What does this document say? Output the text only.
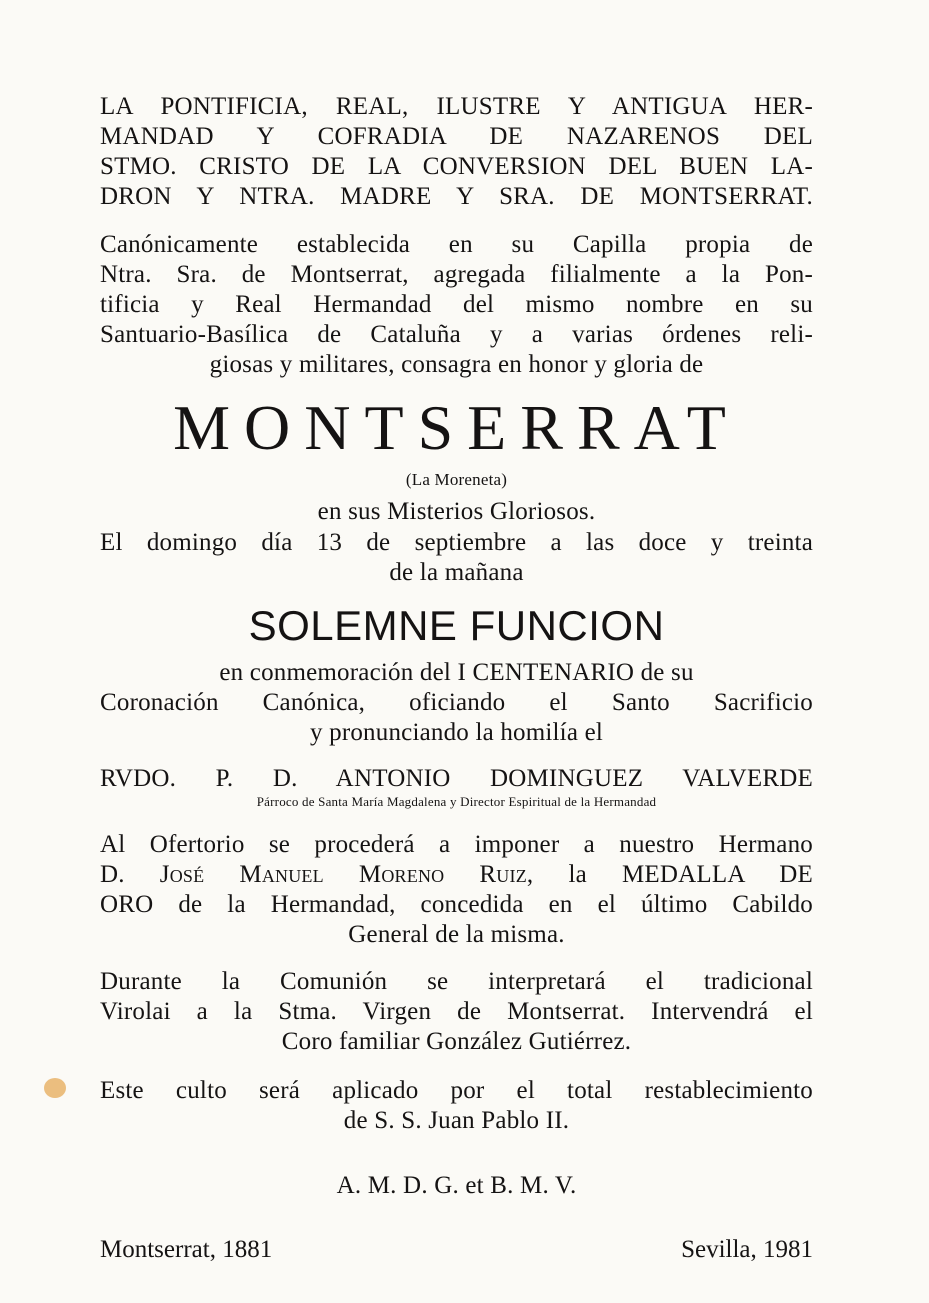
LA PONTIFICIA, REAL, ILUSTRE Y ANTIGUA HER-
MANDAD Y COFRADIA DE NAZARENOS DEL
STMO. CRISTO DE LA CONVERSION DEL BUEN LA-
DRON Y NTRA. MADRE Y SRA. DE MONTSERRAT.
Canónicamente establecida en su Capilla propia de
Ntra. Sra. de Montserrat, agregada filialmente a la Pon-
tificia y Real Hermandad del mismo nombre en su
Santuario-Basílica de Cataluña y a varias órdenes reli-
giosas y militares, consagra en honor y gloria de
MONTSERRAT
(La Moreneta)
en sus Misterios Gloriosos.
El domingo día 13 de septiembre a las doce y treinta
de la mañana
SOLEMNE FUNCION
en conmemoración del I CENTENARIO de su
Coronación Canónica, oficiando el Santo Sacrificio
y pronunciando la homilía el
RVDO. P. D. ANTONIO DOMINGUEZ VALVERDE
Párroco de Santa María Magdalena y Director Espiritual de la Hermandad
Al Ofertorio se procederá a imponer a nuestro Hermano
D. José Manuel Moreno Ruiz, la MEDALLA DE
ORO de la Hermandad, concedida en el último Cabildo
General de la misma.
Durante la Comunión se interpretará el tradicional
Virolai a la Stma. Virgen de Montserrat. Intervendrá el
Coro familiar González Gutiérrez.
Este culto será aplicado por el total restablecimiento
de S. S. Juan Pablo II.
A. M. D. G. et B. M. V.
Montserrat, 1881	Sevilla, 1981
